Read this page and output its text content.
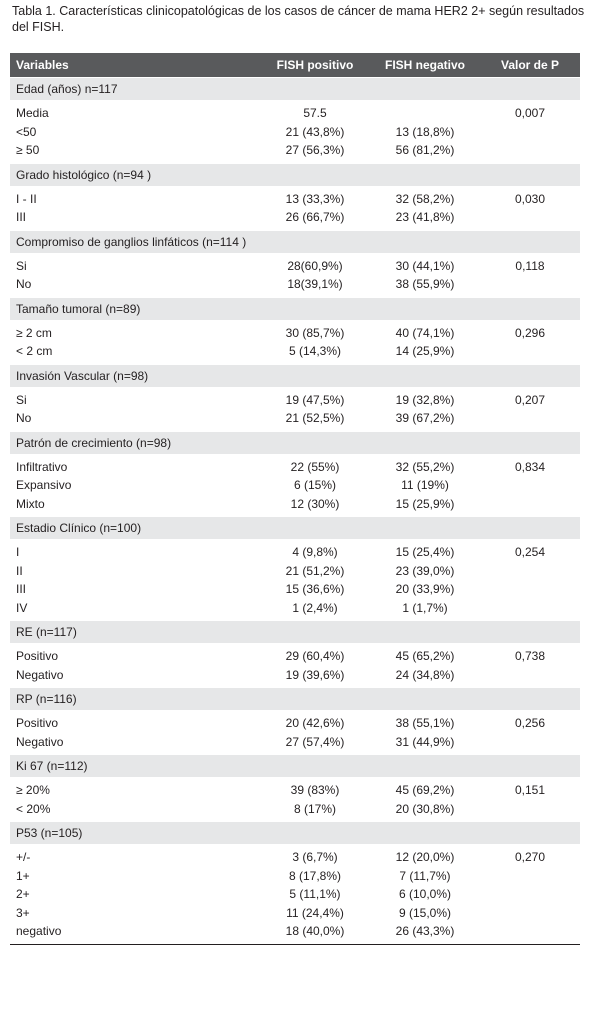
Tabla 1. Características clinicopatológicas de los casos de cáncer de mama HER2 2+ según resultados del FISH.
Variables	FISH positivo	FISH negativo	Valor de P
Edad (años) n=117			
Media	57.5		0,007
<50	21 (43,8%)	13 (18,8%)	
≥ 50	27 (56,3%)	56 (81,2%)	
Grado histológico (n=94 )			
I - II	13 (33,3%)	32 (58,2%)	0,030
III	26 (66,7%)	23 (41,8%)	
Compromiso de ganglios linfáticos (n=114 )			
Si	28(60,9%)	30 (44,1%)	0,118
No	18(39,1%)	38 (55,9%)	
Tamaño tumoral (n=89)			
≥ 2 cm	30 (85,7%)	40 (74,1%)	0,296
< 2 cm	5 (14,3%)	14 (25,9%)	
Invasión Vascular (n=98)			
Si	19 (47,5%)	19 (32,8%)	0,207
No	21 (52,5%)	39 (67,2%)	
Patrón de crecimiento (n=98)			
Infiltrativo	22 (55%)	32 (55,2%)	0,834
Expansivo	6 (15%)	11 (19%)	
Mixto	12 (30%)	15 (25,9%)	
Estadio Clínico (n=100)			
I	4 (9,8%)	15 (25,4%)	0,254
II	21 (51,2%)	23 (39,0%)	
III	15 (36,6%)	20 (33,9%)	
IV	1 (2,4%)	1 (1,7%)	
RE (n=117)			
Positivo	29 (60,4%)	45 (65,2%)	0,738
Negativo	19 (39,6%)	24 (34,8%)	
RP (n=116)			
Positivo	20 (42,6%)	38 (55,1%)	0,256
Negativo	27 (57,4%)	31 (44,9%)	
Ki 67 (n=112)			
≥ 20%	39 (83%)	45 (69,2%)	0,151
< 20%	8 (17%)	20 (30,8%)	
P53 (n=105)			
+/-	3 (6,7%)	12 (20,0%)	0,270
1+	8 (17,8%)	7 (11,7%)	
2+	5 (11,1%)	6 (10,0%)	
3+	11 (24,4%)	9 (15,0%)	
negativo	18 (40,0%)	26 (43,3%)	
